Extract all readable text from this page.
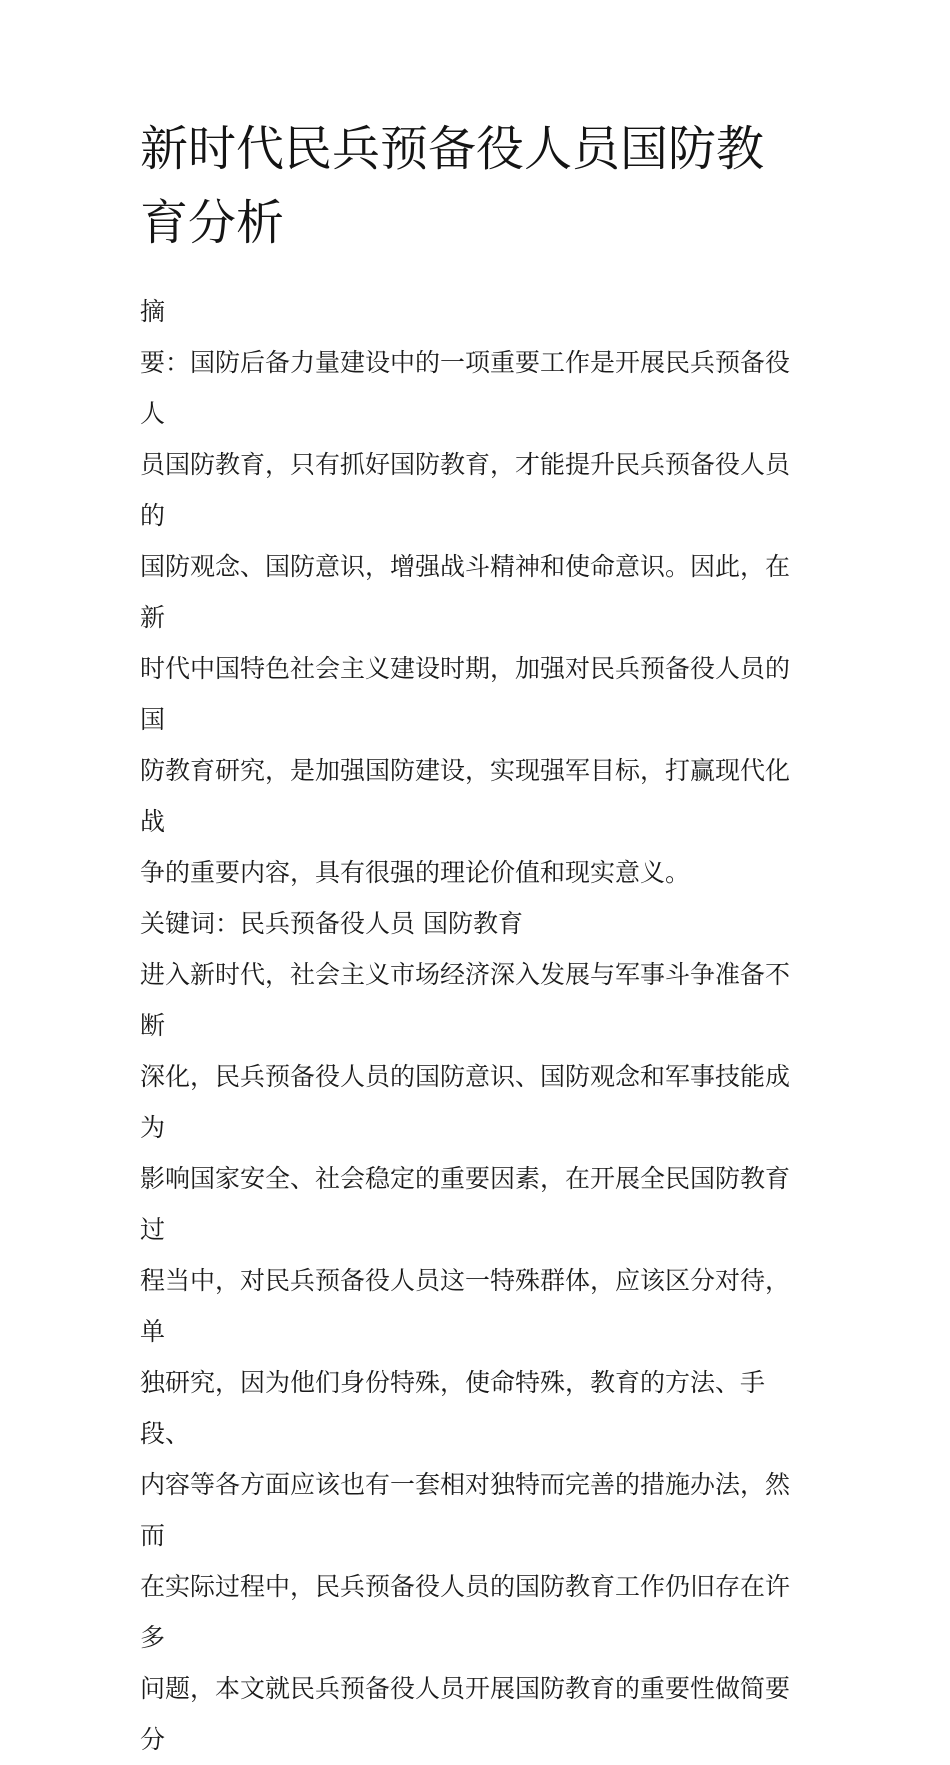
新时代民兵预备役人员国防教
育分析
摘
要：国防后备力量建设中的一项重要工作是开展民兵预备役人
员国防教育，只有抓好国防教育，才能提升民兵预备役人员的
国防观念、国防意识，增强战斗精神和使命意识。因此，在新
时代中国特色社会主义建设时期，加强对民兵预备役人员的国
防教育研究，是加强国防建设，实现强军目标，打赢现代化战
争的重要内容，具有很强的理论价值和现实意义。
关键词：民兵预备役人员 国防教育
进入新时代，社会主义市场经济深入发展与军事斗争准备不断
深化，民兵预备役人员的国防意识、国防观念和军事技能成为
影响国家安全、社会稳定的重要因素，在开展全民国防教育过
程当中，对民兵预备役人员这一特殊群体，应该区分对待，单
独研究，因为他们身份特殊，使命特殊，教育的方法、手段、
内容等各方面应该也有一套相对独特而完善的措施办法，然而
在实际过程中，民兵预备役人员的国防教育工作仍旧存在许多
问题，本文就民兵预备役人员开展国防教育的重要性做简要分
